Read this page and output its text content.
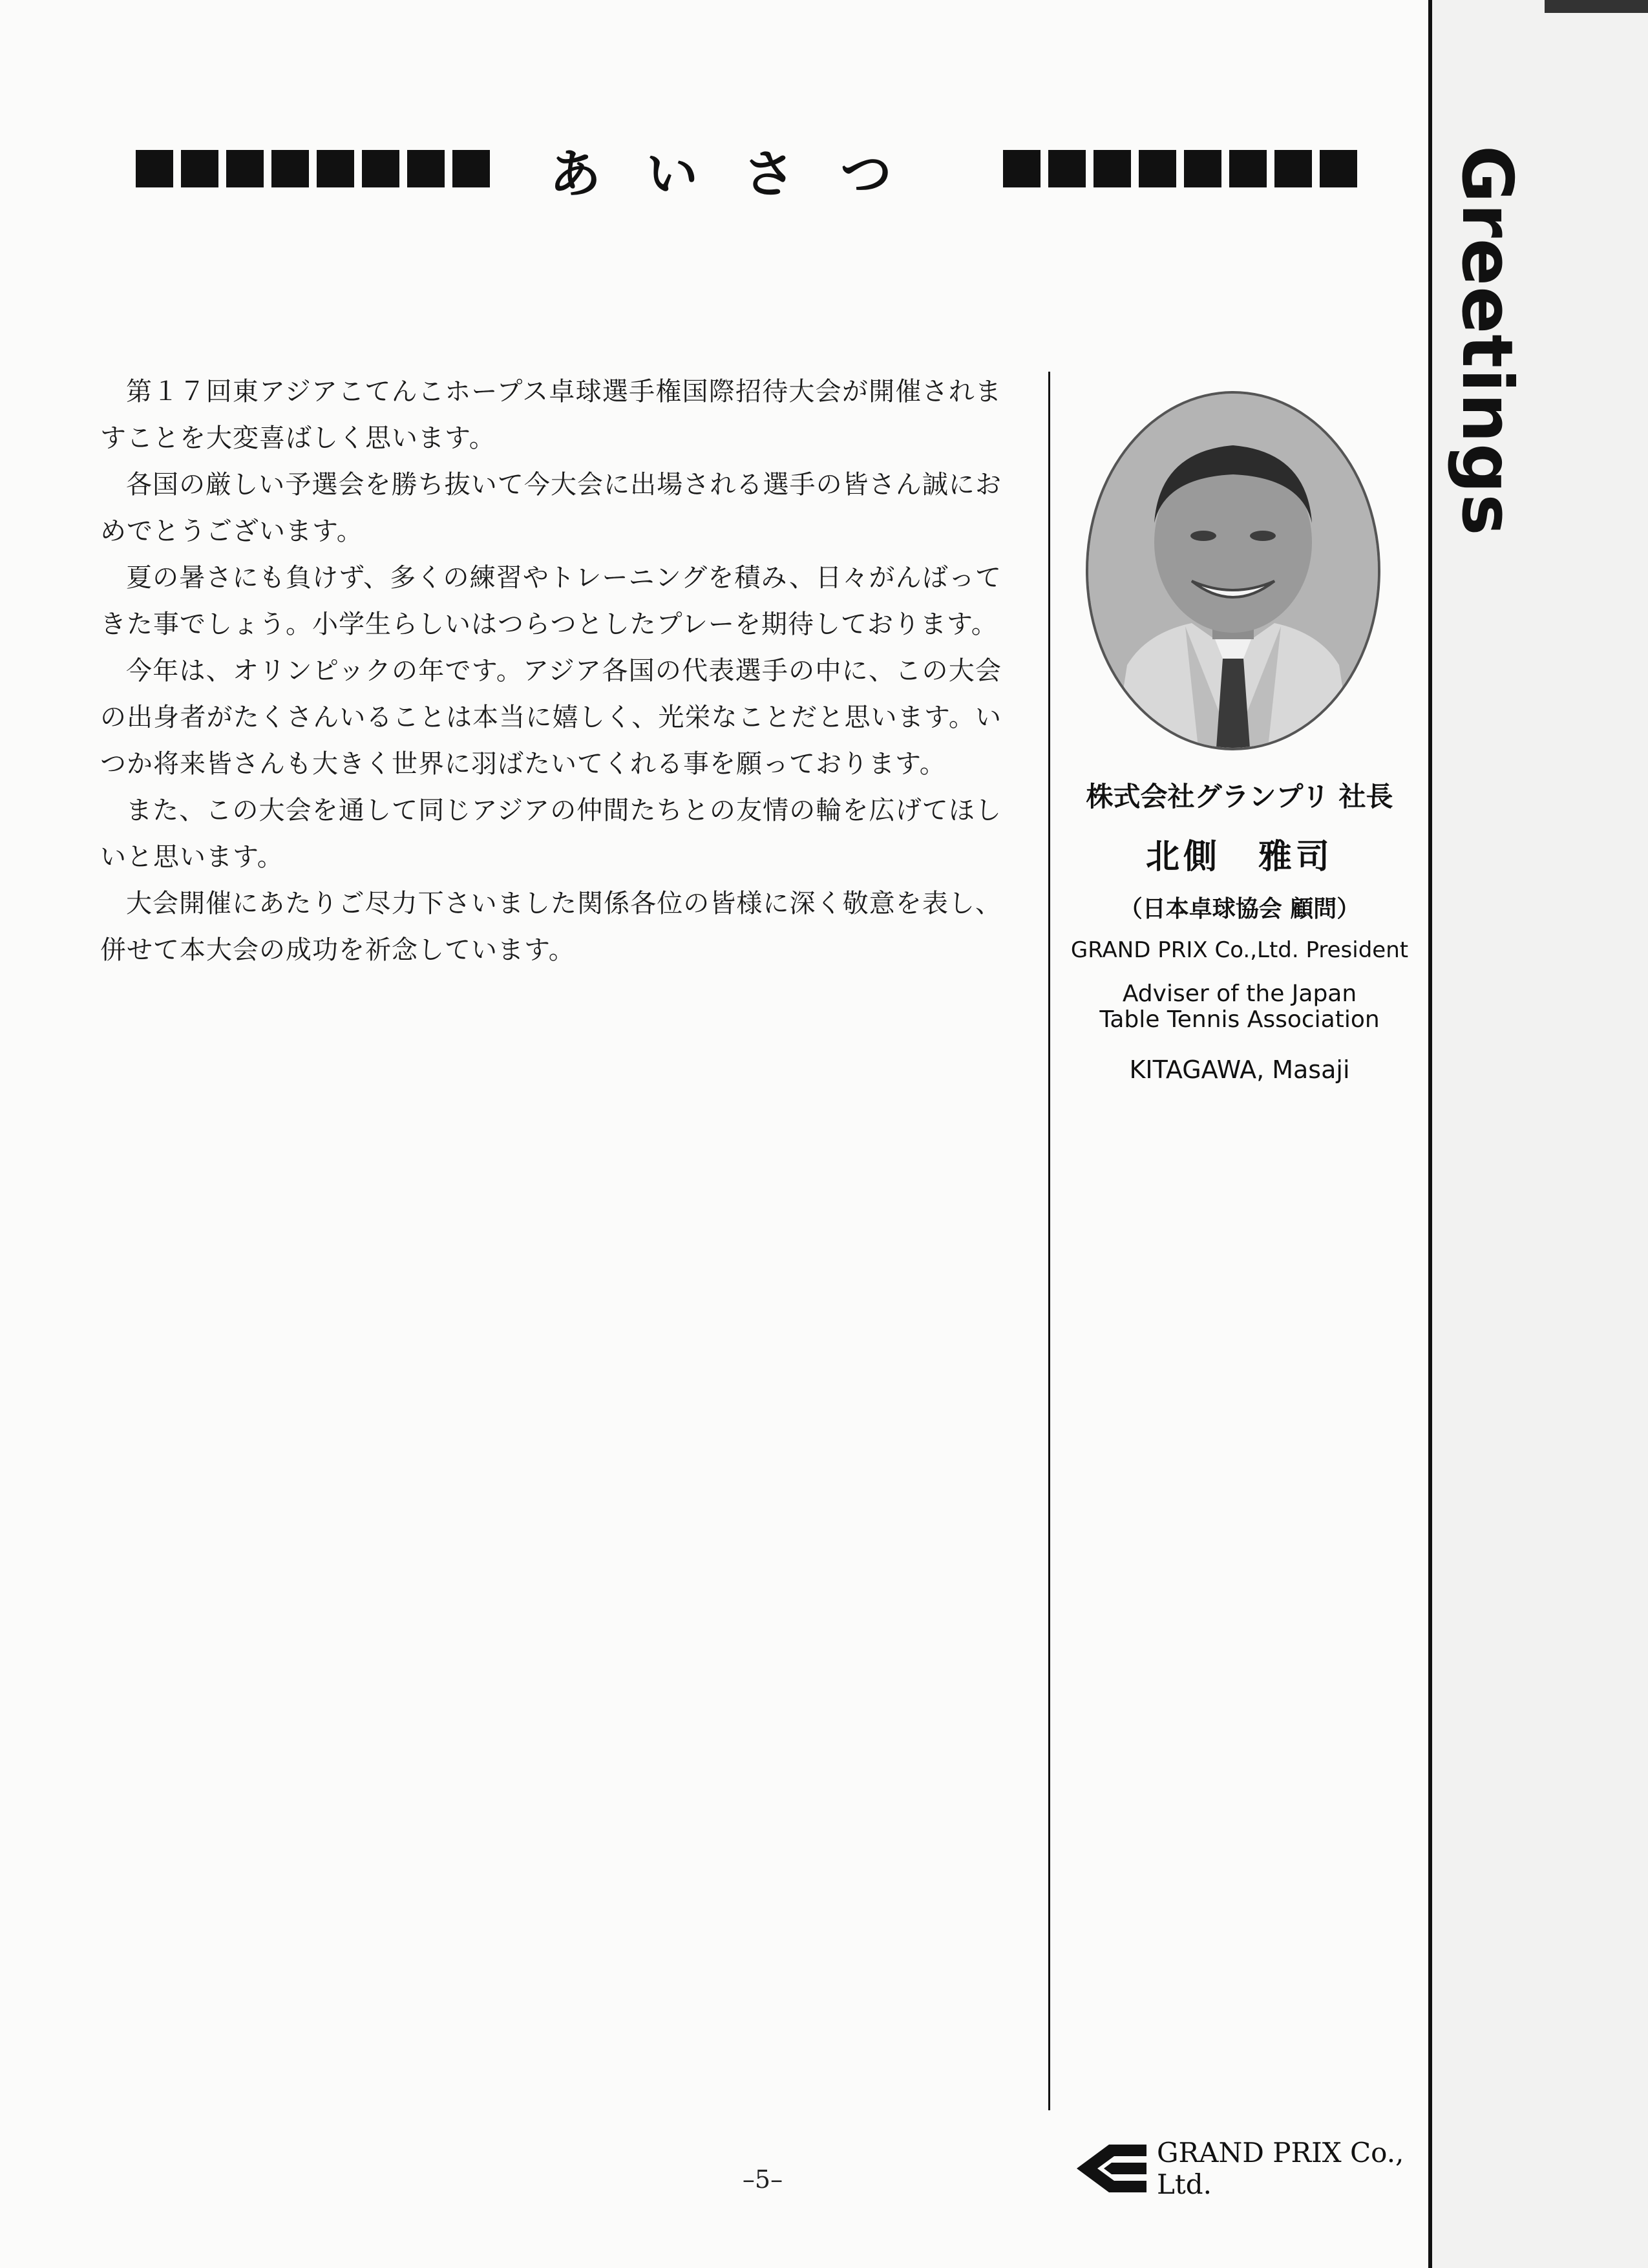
Greetings
あいさつ

第１７回東アジアこてんこホープス卓球選手権国際招待大会が開催されますことを大変喜ばしく思います。

各国の厳しい予選会を勝ち抜いて今大会に出場される選手の皆さん誠におめでとうございます。

夏の暑さにも負けず、多くの練習やトレーニングを積み、日々がんばってきた事でしょう。小学生らしいはつらつとしたプレーを期待しております。

今年は、オリンピックの年です。アジア各国の代表選手の中に、この大会の出身者がたくさんいることは本当に嬉しく、光栄なことだと思います。いつか将来皆さんも大きく世界に羽ばたいてくれる事を願っております。

また、この大会を通して同じアジアの仲間たちとの友情の輪を広げてほしいと思います。

大会開催にあたりご尽力下さいました関係各位の皆様に深く敬意を表し、併せて本大会の成功を祈念しています。

株式会社グランプリ 社長
北側　雅司
（日本卓球協会 顧問）
GRAND PRIX Co.,Ltd. President
Adviser of the Japan
Table Tennis Association
KITAGAWA, Masaji
–5–
GRAND PRIX Co., Ltd.
